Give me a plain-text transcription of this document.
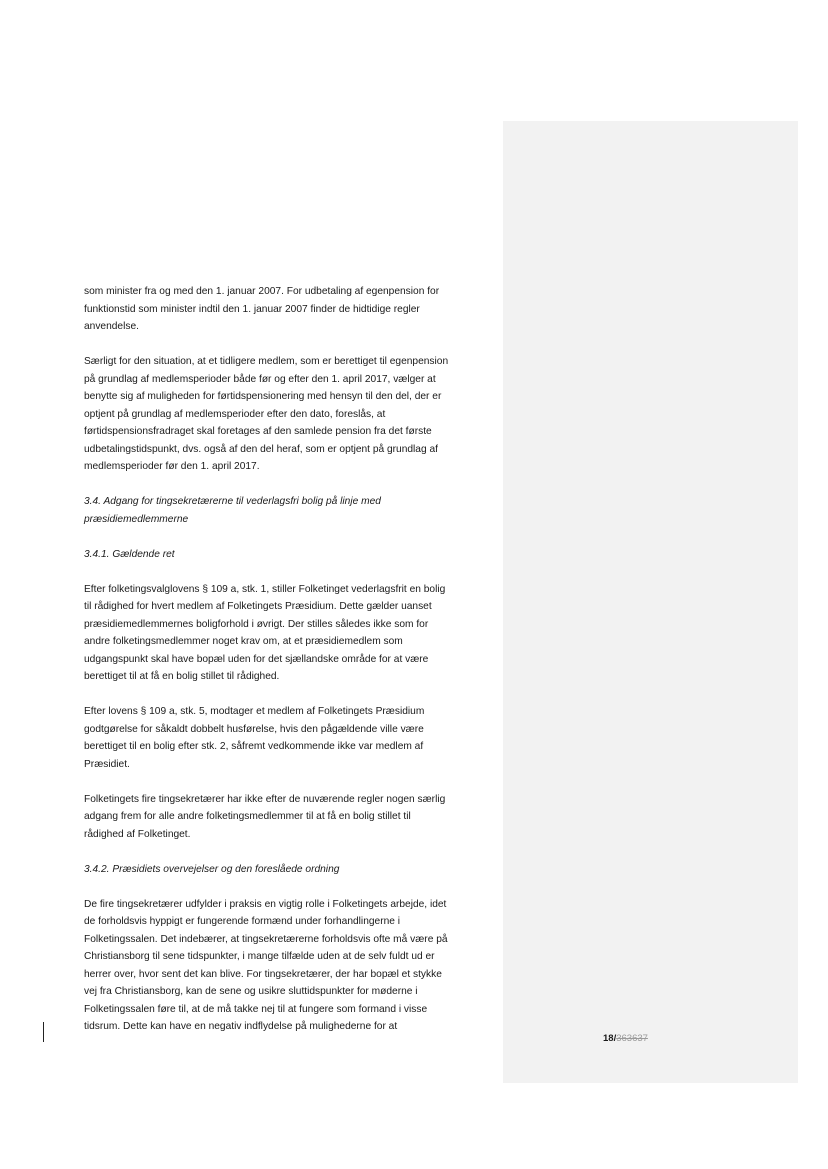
som minister fra og med den 1. januar 2007. For udbetaling af egenpension for
funktionstid som minister indtil den 1. januar 2007 finder de hidtidige regler
anvendelse.

Særligt for den situation, at et tidligere medlem, som er berettiget til egenpension
på grundlag af medlemsperioder både før og efter den 1. april 2017, vælger at
benytte sig af muligheden for førtidspensionering med hensyn til den del, der er
optjent på grundlag af medlemsperioder efter den dato, foreslås, at
førtidspensionsfradraget skal foretages af den samlede pension fra det første
udbetalingstidspunkt, dvs. også af den del heraf, som er optjent på grundlag af
medlemsperioder før den 1. april 2017.

3.4. Adgang for tingsekretærerne til vederlagsfri bolig på linje med
præsidiemedlemmerne

3.4.1. Gældende ret

Efter folketingsvalglovens § 109 a, stk. 1, stiller Folketinget vederlagsfrit en bolig
til rådighed for hvert medlem af Folketingets Præsidium. Dette gælder uanset
præsidiemedlemmernes boligforhold i øvrigt. Der stilles således ikke som for
andre folketingsmedlemmer noget krav om, at et præsidiemedlem som
udgangspunkt skal have bopæl uden for det sjællandske område for at være
berettiget til at få en bolig stillet til rådighed.

Efter lovens § 109 a, stk. 5, modtager et medlem af Folketingets Præsidium
godtgørelse for såkaldt dobbelt husførelse, hvis den pågældende ville være
berettiget til en bolig efter stk. 2, såfremt vedkommende ikke var medlem af
Præsidiet.

Folketingets fire tingsekretærer har ikke efter de nuværende regler nogen særlig
adgang frem for alle andre folketingsmedlemmer til at få en bolig stillet til
rådighed af Folketinget.

3.4.2. Præsidiets overvejelser og den foreslåede ordning

De fire tingsekretærer udfylder i praksis en vigtig rolle i Folketingets arbejde, idet
de forholdsvis hyppigt er fungerende formænd under forhandlingerne i
Folketingssalen. Det indebærer, at tingsekretærerne forholdsvis ofte må være på
Christiansborg til sene tidspunkter, i mange tilfælde uden at de selv fuldt ud er
herrer over, hvor sent det kan blive. For tingsekretærer, der har bopæl et stykke
vej fra Christiansborg, kan de sene og usikre sluttidspunkter for møderne i
Folketingssalen føre til, at de må takke nej til at fungere som formand i visse
tidsrum. Dette kan have en negativ indflydelse på mulighederne for at

18/363637
